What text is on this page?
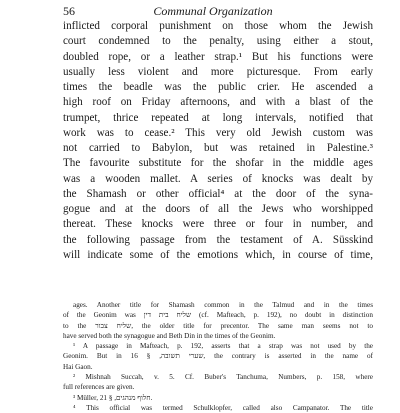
56	Communal Organization
inflicted corporal punishment on those whom the Jewish
court condemned to the penalty, using either a stout,
doubled rope, or a leather strap.¹ But his functions were
usually less violent and more picturesque. From early
times the beadle was the public crier. He ascended a
high roof on Friday afternoons, and with a blast of the
trumpet, thrice repeated at long intervals, notified that
work was to cease.² This very old Jewish custom was
not carried to Babylon, but was retained in Palestine.³
The favourite substitute for the shofar in the middle ages
was a wooden mallet. A series of knocks was dealt by
the Shamash or other official⁴ at the door of the syna-
gogue and at the doors of all the Jews who worshipped
thereat. These knocks were three or four in number, and
the following passage from the testament of A. Süsskind
will indicate some of the emotions which, in course of time,
ages. Another title for Shamash common in the Talmud and in the times
of the Geonim was שליח בית דין (cf. Mafteach, p. 192), no doubt in distinction
to the שליח צבור, the older title for precentor. The same man seems not to
have served both the synagogue and Beth Din in the times of the Geonim.
¹ A passage in Mafteach, p. 192, asserts that a strap was not used by the
Geonim. But in שערי תשובה, § 16, the contrary is asserted in the name of
Hai Gaon.
² Mishnah Succah, v. 5. Cf. Buber's Tanchuma, Numbers, p. 158, where
full references are given.
³ Müller, חלוף מנהגים, § 21.
⁴ This official was termed Schulklopfer, called also Campanator. The title
